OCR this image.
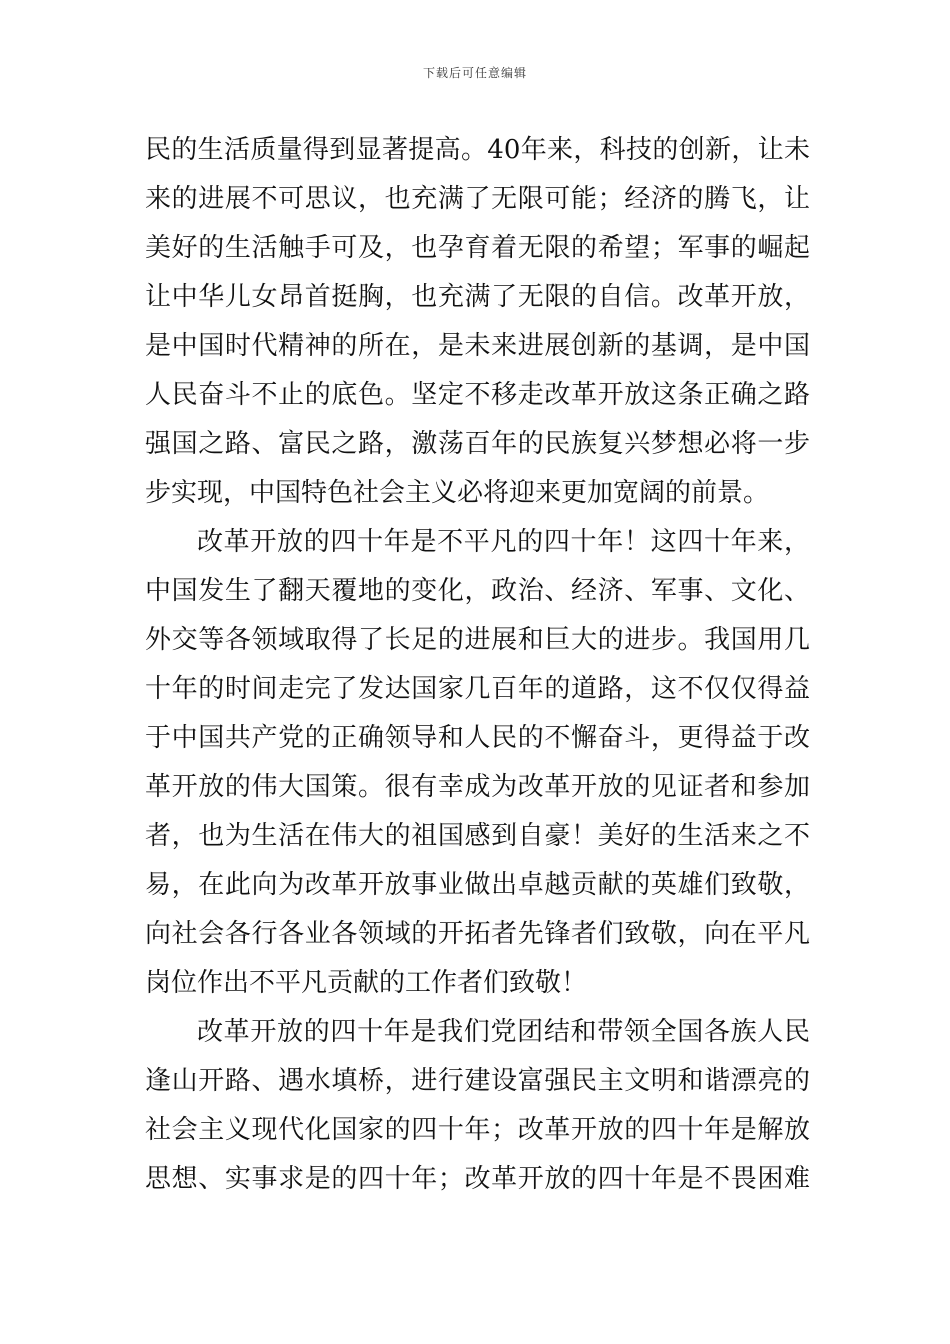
下载后可任意编辑
民的生活质量得到显著提高。40年来，科技的创新，让未
来的进展不可思议，也充满了无限可能；经济的腾飞，让
美好的生活触手可及，也孕育着无限的希望；军事的崛起
让中华儿女昂首挺胸，也充满了无限的自信。改革开放，
是中国时代精神的所在，是未来进展创新的基调，是中国
人民奋斗不止的底色。坚定不移走改革开放这条正确之路
强国之路、富民之路，激荡百年的民族复兴梦想必将一步
步实现，中国特色社会主义必将迎来更加宽阔的前景。
改革开放的四十年是不平凡的四十年！这四十年来，
中国发生了翻天覆地的变化，政治、经济、军事、文化、
外交等各领域取得了长足的进展和巨大的进步。我国用几
十年的时间走完了发达国家几百年的道路，这不仅仅得益
于中国共产党的正确领导和人民的不懈奋斗，更得益于改
革开放的伟大国策。很有幸成为改革开放的见证者和参加
者，也为生活在伟大的祖国感到自豪！美好的生活来之不
易，在此向为改革开放事业做出卓越贡献的英雄们致敬，
向社会各行各业各领域的开拓者先锋者们致敬，向在平凡
岗位作出不平凡贡献的工作者们致敬！
改革开放的四十年是我们党团结和带领全国各族人民
逢山开路、遇水填桥，进行建设富强民主文明和谐漂亮的
社会主义现代化国家的四十年；改革开放的四十年是解放
思想、实事求是的四十年；改革开放的四十年是不畏困难
